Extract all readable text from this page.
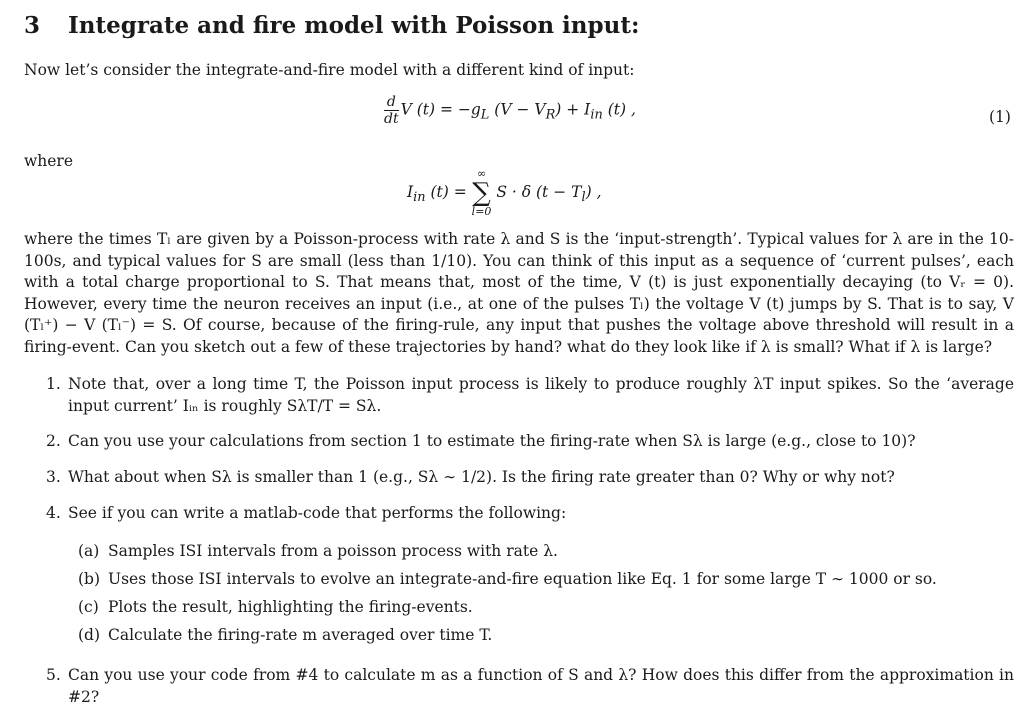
3 Integrate and fire model with Poisson input:
Now let’s consider the integrate-and-fire model with a different kind of input:
$\frac{d}{dt}$ V $(t) = -g_L$ $(V - V_R) + I_{in}$ (t) ,	(1)
where
$I_{in}$ (t) =
∞
∑
l=0
S · δ $(t - T_l)$ ,
where the times Tₗ are given by a Poisson-process with rate λ and S is the ‘input-strength’. Typical values for λ are in the 10-100s, and typical values for S are small (less than 1/10). You can think of this input as a sequence of ‘current pulses’, each with a total charge proportional to S. That means that, most of the time, V (t) is just exponentially decaying (to Vᵣ = 0). However, every time the neuron receives an input (i.e., at one of the pulses Tₗ) the voltage V (t) jumps by S. That is to say, V (Tₗ⁺) − V (Tₗ⁻) = S. Of course, because of the firing-rule, any input that pushes the voltage above threshold will result in a firing-event. Can you sketch out a few of these trajectories by hand? what do they look like if λ is small? What if λ is large?
1. Note that, over a long time T, the Poisson input process is likely to produce roughly λT input spikes. So the ‘average input current’ Iᵢₙ is roughly SλT/T = Sλ.
2. Can you use your calculations from section 1 to estimate the firing-rate when Sλ is large (e.g., close to 10)?
3. What about when Sλ is smaller than 1 (e.g., Sλ ∼ 1/2). Is the firing rate greater than 0? Why or why not?
4. See if you can write a matlab-code that performs the following:
(a) Samples ISI intervals from a poisson process with rate λ.
(b) Uses those ISI intervals to evolve an integrate-and-fire equation like Eq. 1 for some large T ∼ 1000 or so.
(c) Plots the result, highlighting the firing-events.
(d) Calculate the firing-rate m averaged over time T.
5. Can you use your code from #4 to calculate m as a function of S and λ? How does this differ from the approximation in #2?
